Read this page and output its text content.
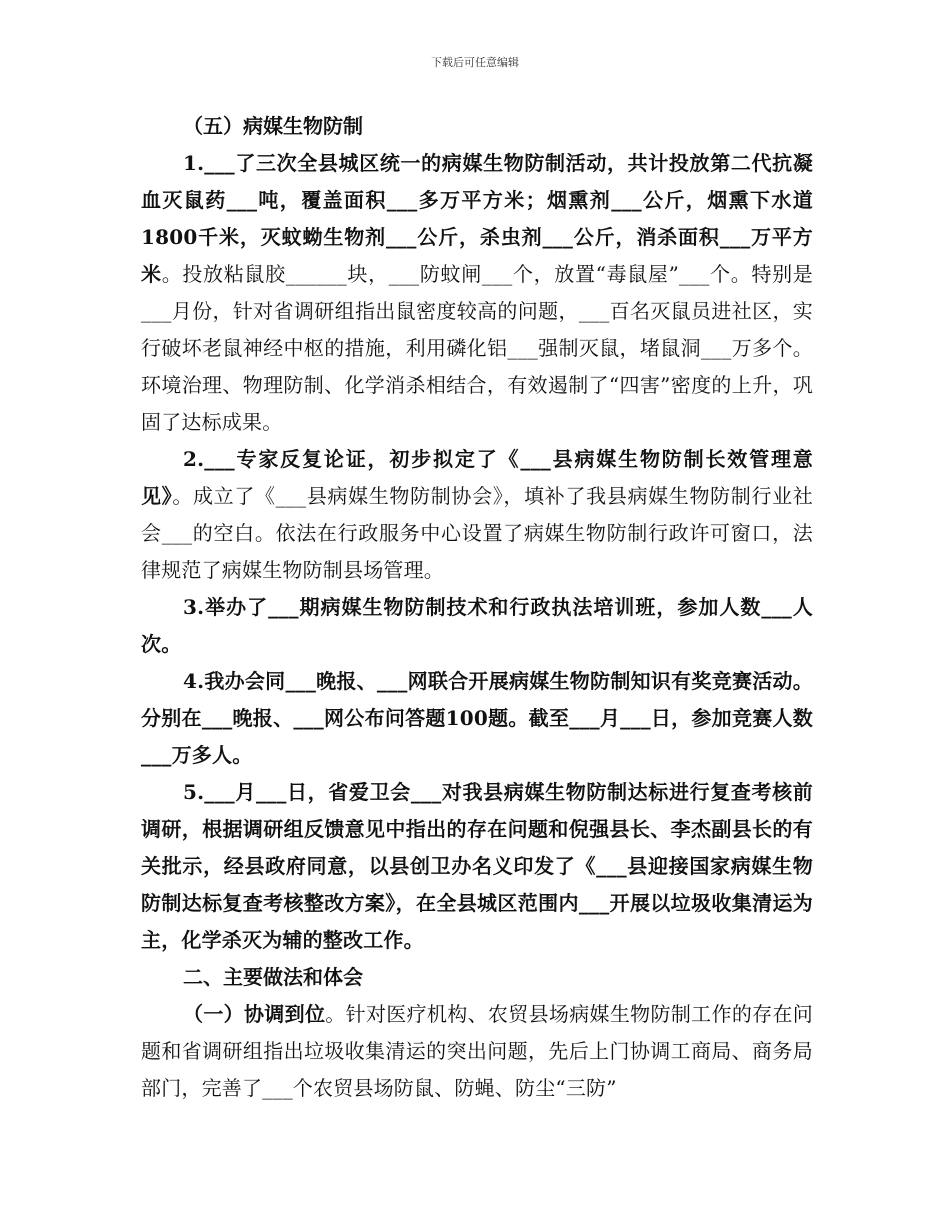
下载后可任意编辑

（五）病媒生物防制

1.___了三次全县城区统一的病媒生物防制活动，共计投放第二代抗凝血灭鼠药___吨，覆盖面积___多万平方米；烟熏剂___公斤，烟熏下水道1800千米，灭蚊蚴生物剂___公斤，杀虫剂___公斤，消杀面积___万平方米。投放粘鼠胶______块，___防蚊闸___个，放置“毒鼠屋”___个。特别是___月份，针对省调研组指出鼠密度较高的问题，___百名灭鼠员进社区，实行破坏老鼠神经中枢的措施，利用磷化铝___强制灭鼠，堵鼠洞___万多个。环境治理、物理防制、化学消杀相结合，有效遏制了“四害”密度的上升，巩固了达标成果。

2.___专家反复论证，初步拟定了《___县病媒生物防制长效管理意见》。成立了《___县病媒生物防制协会》，填补了我县病媒生物防制行业社会___的空白。依法在行政服务中心设置了病媒生物防制行政许可窗口，法律规范了病媒生物防制县场管理。

3.举办了___期病媒生物防制技术和行政执法培训班，参加人数___人次。

4.我办会同___晚报、___网联合开展病媒生物防制知识有奖竞赛活动。分别在___晚报、___网公布问答题100题。截至___月___日，参加竞赛人数___万多人。

5.___月___日，省爱卫会___对我县病媒生物防制达标进行复查考核前调研，根据调研组反馈意见中指出的存在问题和倪强县长、李杰副县长的有关批示，经县政府同意，以县创卫办名义印发了《___县迎接国家病媒生物防制达标复查考核整改方案》，在全县城区范围内___开展以垃圾收集清运为主，化学杀灭为辅的整改工作。

二、主要做法和体会

（一）协调到位。针对医疗机构、农贸县场病媒生物防制工作的存在问题和省调研组指出垃圾收集清运的突出问题，先后上门协调工商局、商务局部门，完善了___个农贸县场防鼠、防蝇、防尘“三防”
